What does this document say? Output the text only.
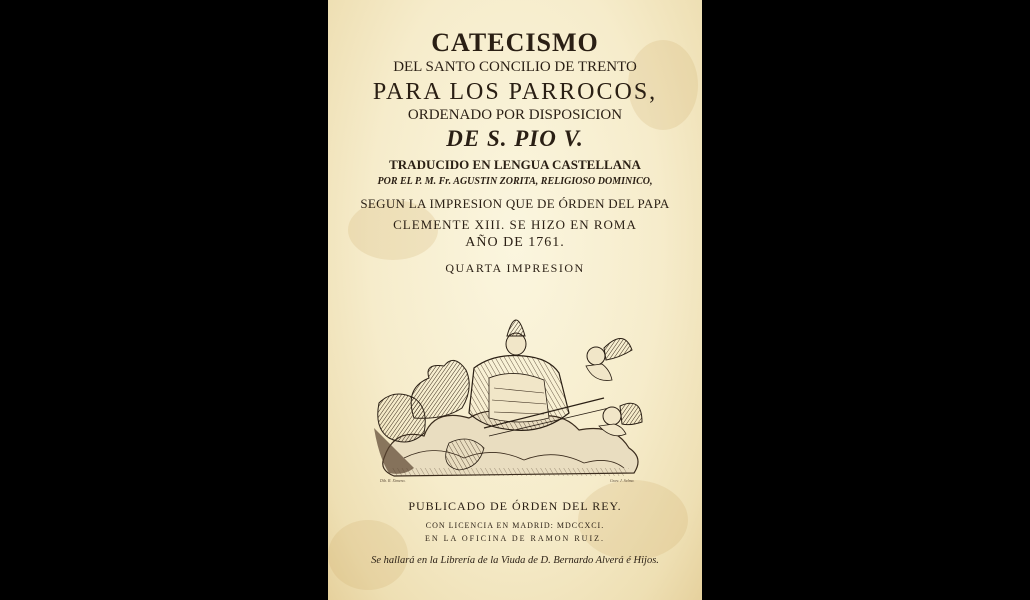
CATECISMO
DEL SANTO CONCILIO DE TRENTO
PARA LOS PARROCOS,
ORDENADO POR DISPOSICION
DE S. PIO V.
TRADUCIDO EN LENGUA CASTELLANA
POR EL P. M. Fr. AGUSTIN ZORITA, RELIGIOSO DOMINICO,
SEGUN LA IMPRESION QUE DE ÓRDEN DEL PAPA
CLEMENTE XIII. SE HIZO EN ROMA
AÑO DE 1761.
QUARTA IMPRESION
Dib. R. Ximeno.	Grav. J. Selma.
PUBLICADO DE ÓRDEN DEL REY.
CON LICENCIA EN MADRID: MDCCXCI.
EN LA OFICINA DE RAMON RUIZ.
Se hallará en la Librería de la Viuda de D. Bernardo Alverá é Hijos.
